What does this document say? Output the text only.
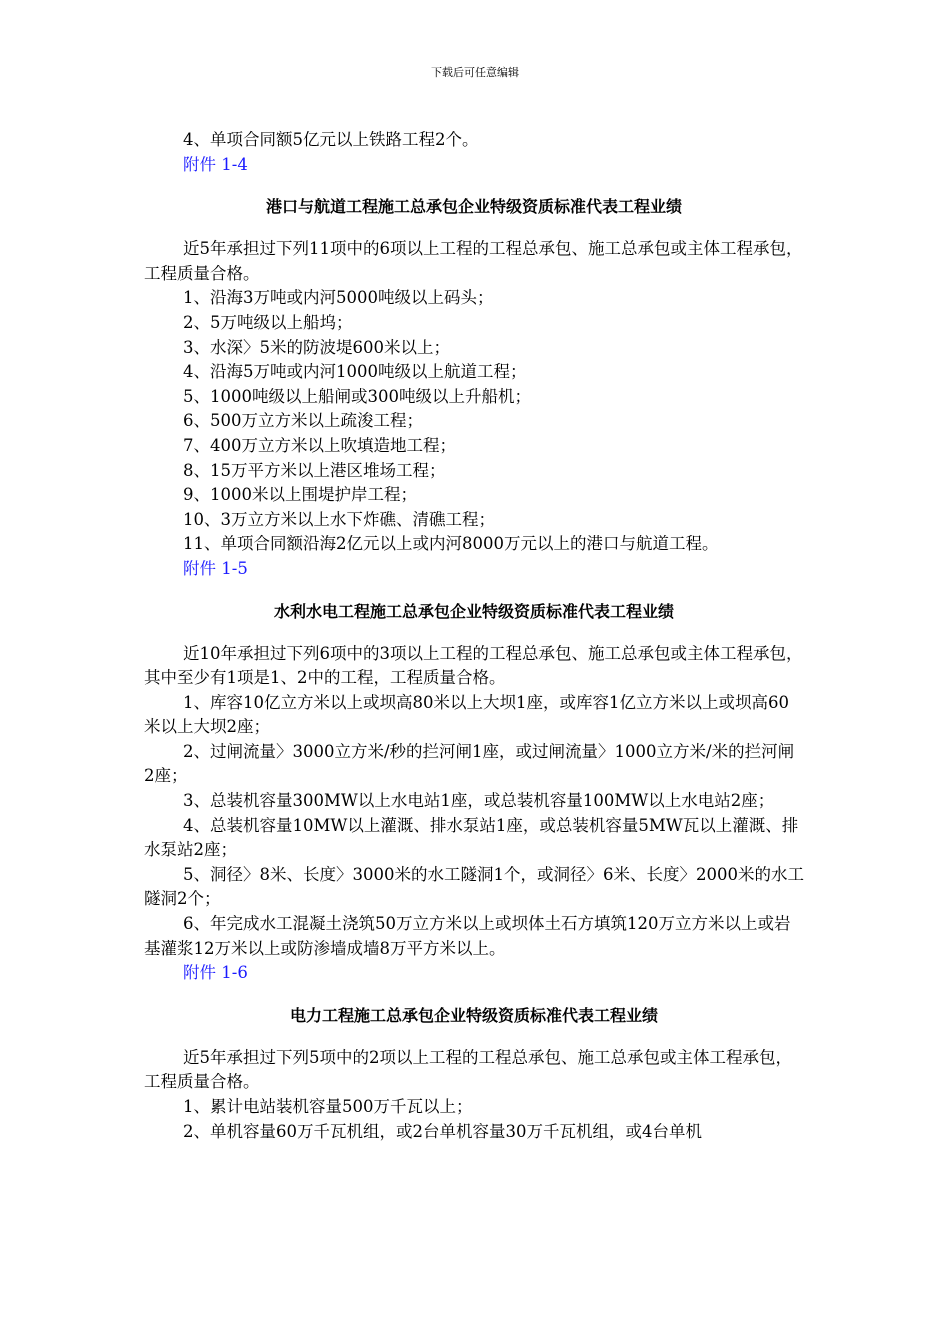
下载后可任意编辑

4、单项合同额5亿元以上铁路工程2个。

附件 1-4

港口与航道工程施工总承包企业特级资质标准代表工程业绩

近5年承担过下列11项中的6项以上工程的工程总承包、施工总承包或主体工程承包，工程质量合格。

1、沿海3万吨或内河5000吨级以上码头；

2、5万吨级以上船坞；

3、水深〉5米的防波堤600米以上；

4、沿海5万吨或内河1000吨级以上航道工程；

5、1000吨级以上船闸或300吨级以上升船机；

6、500万立方米以上疏浚工程；

7、400万立方米以上吹填造地工程；

8、15万平方米以上港区堆场工程；

9、1000米以上围堤护岸工程；

10、3万立方米以上水下炸礁、清礁工程；

11、单项合同额沿海2亿元以上或内河8000万元以上的港口与航道工程。

附件 1-5

水利水电工程施工总承包企业特级资质标准代表工程业绩

近10年承担过下列6项中的3项以上工程的工程总承包、施工总承包或主体工程承包，其中至少有1项是1、2中的工程，工程质量合格。

1、库容10亿立方米以上或坝高80米以上大坝1座，或库容1亿立方米以上或坝高60米以上大坝2座；

2、过闸流量〉3000立方米/秒的拦河闸1座，或过闸流量〉1000立方米/米的拦河闸2座；

3、总装机容量300MW以上水电站1座，或总装机容量100MW以上水电站2座；

4、总装机容量10MW以上灌溉、排水泵站1座，或总装机容量5MW瓦以上灌溉、排水泵站2座；

5、洞径〉8米、长度〉3000米的水工隧洞1个，或洞径〉6米、长度〉2000米的水工隧洞2个；

6、年完成水工混凝土浇筑50万立方米以上或坝体土石方填筑120万立方米以上或岩基灌浆12万米以上或防渗墙成墙8万平方米以上。

附件 1-6

电力工程施工总承包企业特级资质标准代表工程业绩

近5年承担过下列5项中的2项以上工程的工程总承包、施工总承包或主体工程承包，工程质量合格。

1、累计电站装机容量500万千瓦以上；

2、单机容量60万千瓦机组，或2台单机容量30万千瓦机组，或4台单机
